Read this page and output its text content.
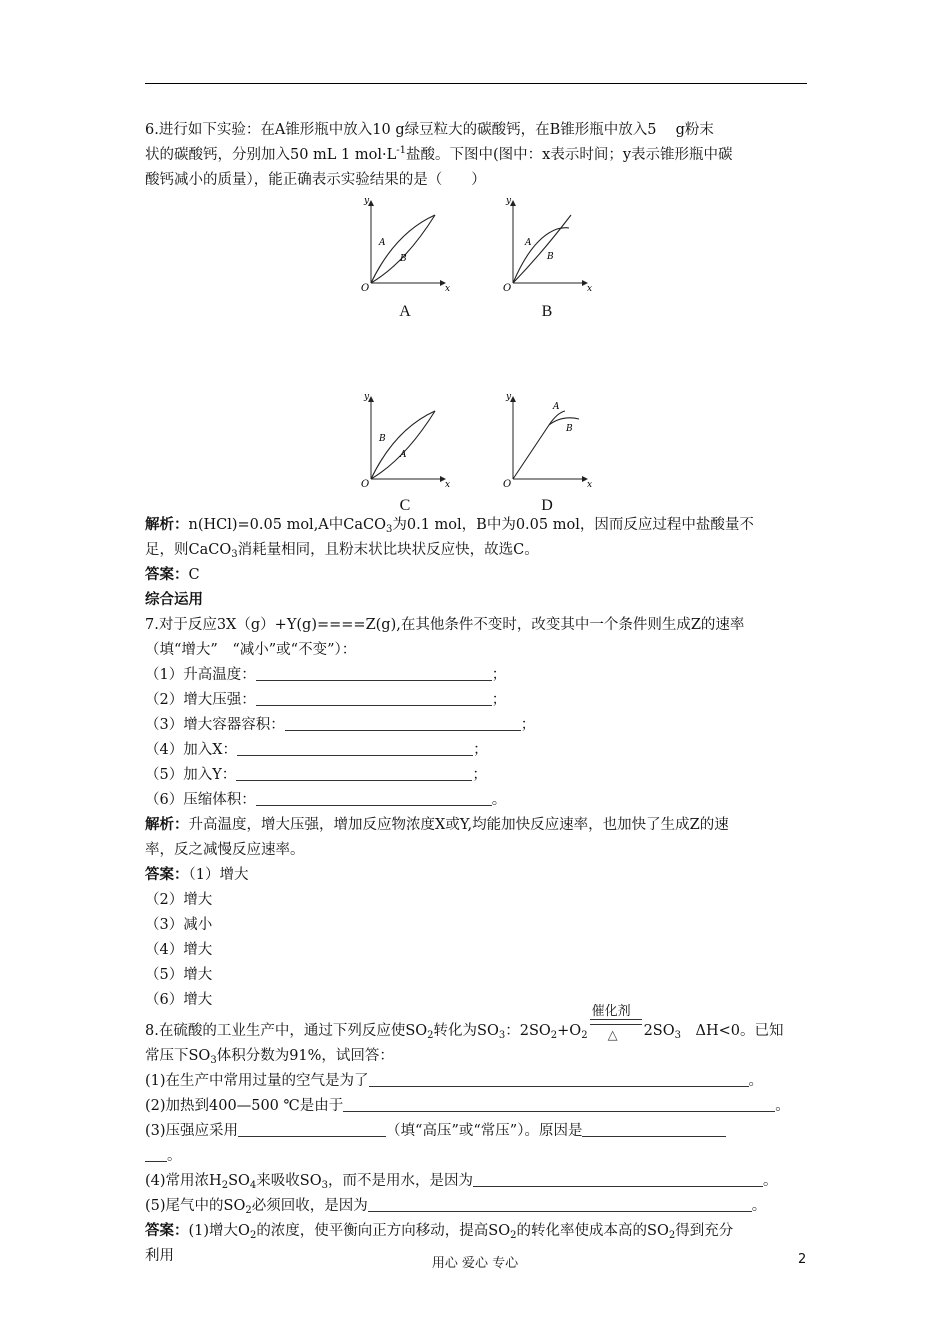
6.进行如下实验：在A锥形瓶中放入10 g绿豆粒大的碳酸钙，在B锥形瓶中放入5　 g粉末

状的碳酸钙，分别加入50 mL 1 $mol\cdot L^{-1}$盐酸。下图中(图中：x表示时间；y表示锥形瓶中碳

酸钙减小的质量），能正确表示实验结果的是（　　）

y
x
O
A
B
A
y
x
O
A
B
B
y
x
O
B
A
C
y
x
O
A
B
D

解析：n(HCl)=0.05 mol,A中CaCO$_3$为0.1 mol，B中为0.05 mol，因而反应过程中盐酸量不

足，则CaCO$_3$消耗量相同，且粉末状比块状反应快，故选C。

答案：C

综合运用

7.对于反应3X（g）+Y(g)====Z(g),在其他条件不变时，改变其中一个条件则生成Z的速率

（填“增大”　“减小”或“不变”）：

（1）升高温度：	；

（2）增大压强：	；

（3）增大容器容积：	；

（4）加入X：	；

（5）加入Y：	；

（6）压缩体积：	。

解析：升高温度，增大压强，增加反应物浓度X或Y,均能加快反应速率，也加快了生成Z的速

率，反之减慢反应速率。

答案：（1）增大

（2）增大

（3）减小

（4）增大

（5）增大

（6）增大

8.在硫酸的工业生产中，通过下列反应使$SO_2$转化为$SO_3$：$2SO_2+O_2$
催化剂
△ $2SO_3$　ΔH<0。已知

常压下$SO_3$体积分数为91%，试回答：

(1)在生产中常用过量的空气是为了	。

(2)加热到400—500 ℃是由于	。

(3)压强应采用	（填“高压”或“常压”）。原因是

。

(4)常用浓$H_2SO_4$来吸收$SO_3$，而不是用水，是因为	。

(5)尾气中的$SO_2$必须回收，是因为	。

答案：(1)增大$O_2$的浓度，使平衡向正方向移动，提高$SO_2$的转化率使成本高的$SO_2$得到充分

利用	用心 爱心 专心	2
